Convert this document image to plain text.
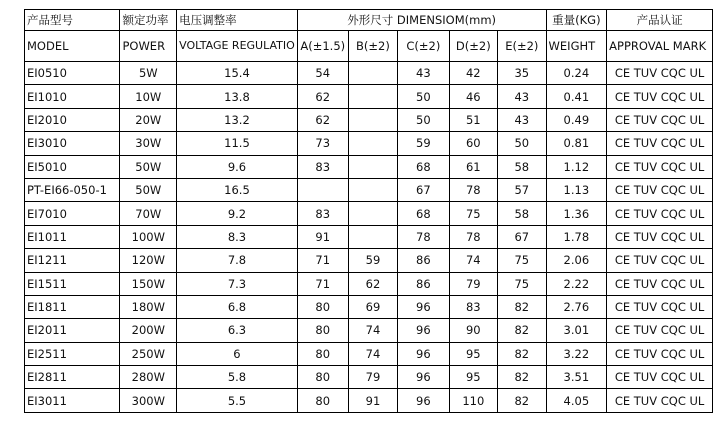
产品型号	额定功率	电压调整率	外形尺寸 DIMENSIOM(mm)					重量(KG)	产品认证
MODEL	POWER	VOLTAGE REGULATIO	A(±1.5)	B(±2)	C(±2)	D(±2)	E(±2)	WEIGHT	APPROVAL MARK
EI0510	5W	15.4	54		43	42	35	0.24	CE TUV CQC UL
EI1010	10W	13.8	62		50	46	43	0.41	CE TUV CQC UL
EI2010	20W	13.2	62		50	51	43	0.49	CE TUV CQC UL
EI3010	30W	11.5	73		59	60	50	0.81	CE TUV CQC UL
EI5010	50W	9.6	83		68	61	58	1.12	CE TUV CQC UL
PT-EI66-050-1	50W	16.5			67	78	57	1.13	CE TUV CQC UL
EI7010	70W	9.2	83		68	75	58	1.36	CE TUV CQC UL
EI1011	100W	8.3	91		78	78	67	1.78	CE TUV CQC UL
EI1211	120W	7.8	71	59	86	74	75	2.06	CE TUV CQC UL
EI1511	150W	7.3	71	62	86	79	75	2.22	CE TUV CQC UL
EI1811	180W	6.8	80	69	96	83	82	2.76	CE TUV CQC UL
EI2011	200W	6.3	80	74	96	90	82	3.01	CE TUV CQC UL
EI2511	250W	6	80	74	96	95	82	3.22	CE TUV CQC UL
EI2811	280W	5.8	80	79	96	95	82	3.51	CE TUV CQC UL
EI3011	300W	5.5	80	91	96	110	82	4.05	CE TUV CQC UL
